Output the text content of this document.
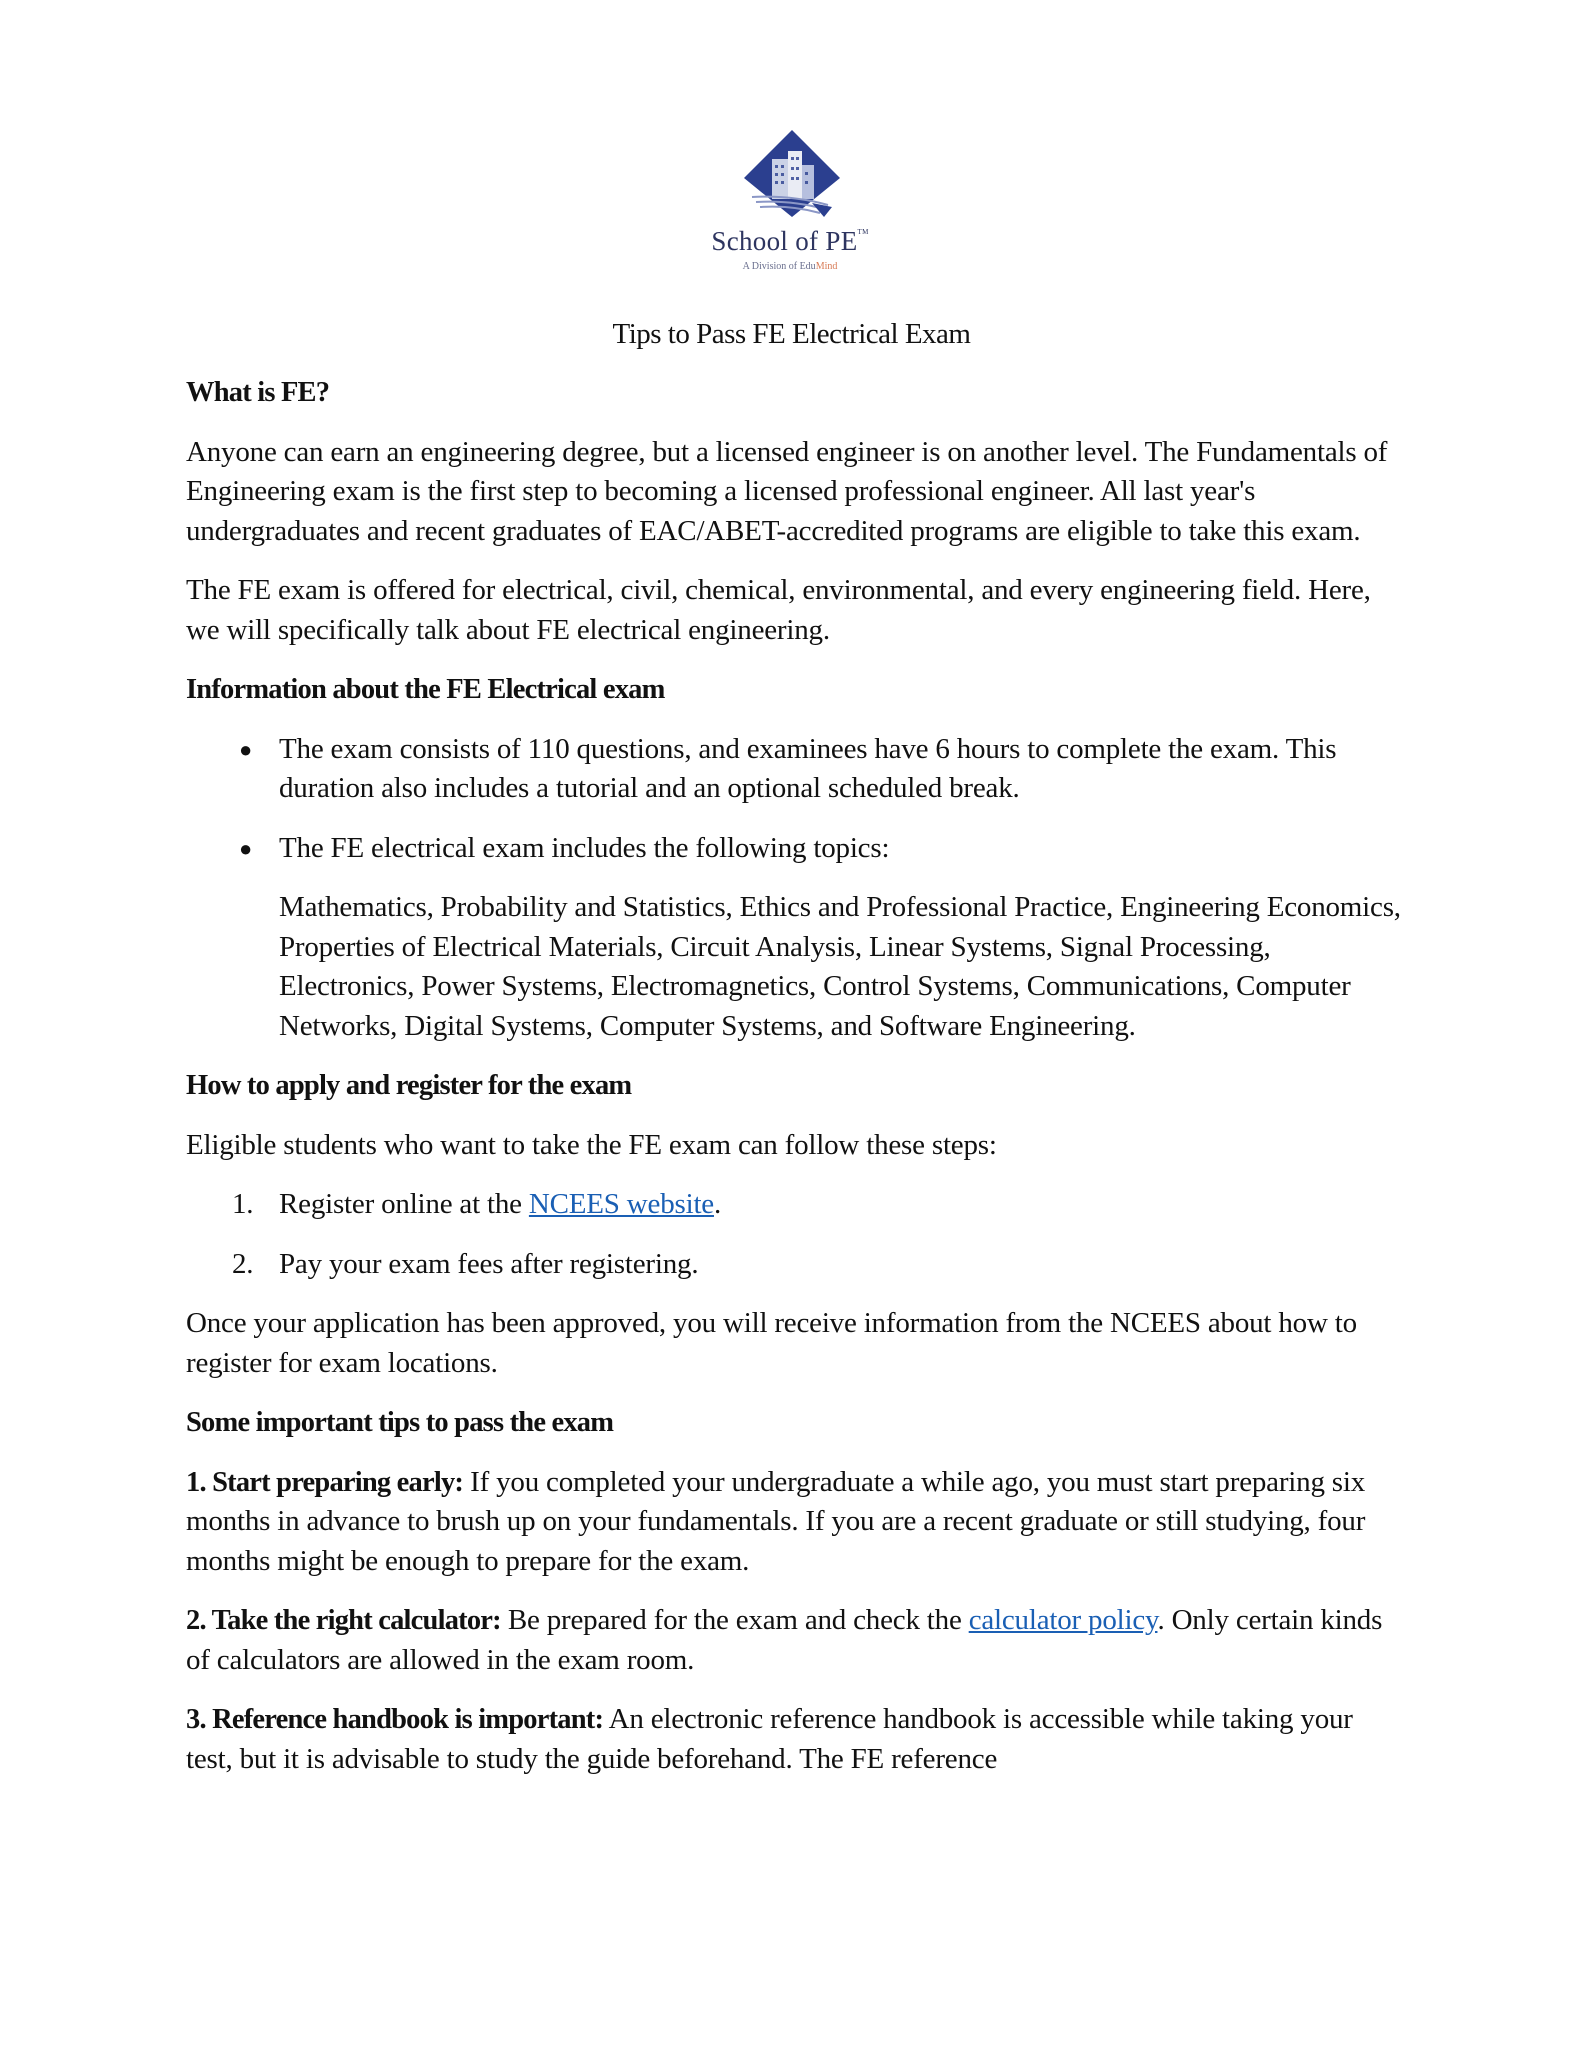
School of PE™
A Division of EduMind
Tips to Pass FE Electrical Exam

What is FE?

Anyone can earn an engineering degree, but a licensed engineer is on another level. The Fundamentals of Engineering exam is the first step to becoming a licensed professional engineer. All last year's undergraduates and recent graduates of EAC/ABET-accredited programs are eligible to take this exam.

The FE exam is offered for electrical, civil, chemical, environmental, and every engineering field. Here, we will specifically talk about FE electrical engineering.

Information about the FE Electrical exam

● The exam consists of 110 questions, and examinees have 6 hours to complete the exam. This duration also includes a tutorial and an optional scheduled break.
● The FE electrical exam includes the following topics:

Mathematics, Probability and Statistics, Ethics and Professional Practice, Engineering Economics, Properties of Electrical Materials, Circuit Analysis, Linear Systems, Signal Processing, Electronics, Power Systems, Electromagnetics, Control Systems, Communications, Computer Networks, Digital Systems, Computer Systems, and Software Engineering.

How to apply and register for the exam

Eligible students who want to take the FE exam can follow these steps:

1. Register online at the NCEES website.
2. Pay your exam fees after registering.

Once your application has been approved, you will receive information from the NCEES about how to register for exam locations.

Some important tips to pass the exam

1. Start preparing early: If you completed your undergraduate a while ago, you must start preparing six months in advance to brush up on your fundamentals. If you are a recent graduate or still studying, four months might be enough to prepare for the exam.

2. Take the right calculator: Be prepared for the exam and check the calculator policy. Only certain kinds of calculators are allowed in the exam room.

3. Reference handbook is important: An electronic reference handbook is accessible while taking your test, but it is advisable to study the guide beforehand. The FE reference
